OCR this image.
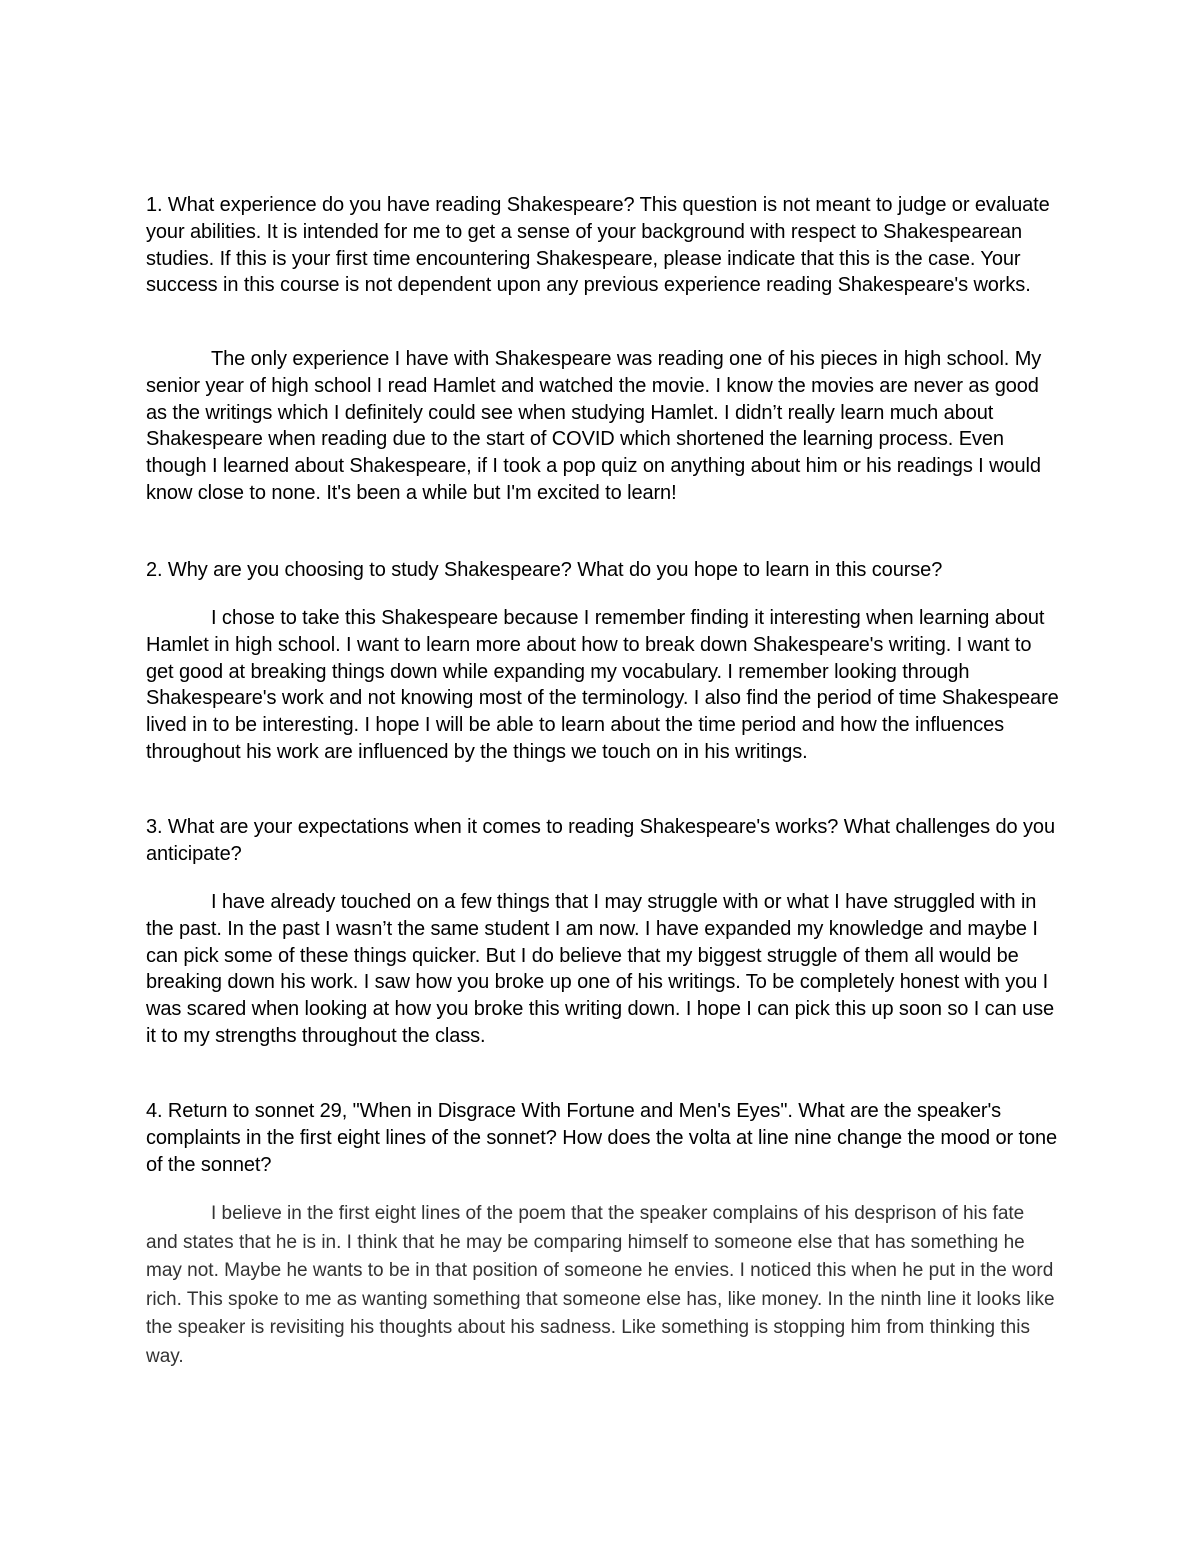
1. What experience do you have reading Shakespeare? This question is not meant to judge or evaluate your abilities. It is intended for me to get a sense of your background with respect to Shakespearean studies. If this is your first time encountering Shakespeare, please indicate that this is the case. Your success in this course is not dependent upon any previous experience reading Shakespeare's works.

The only experience I have with Shakespeare was reading one of his pieces in high school. My senior year of high school I read Hamlet and watched the movie. I know the movies are never as good as the writings which I definitely could see when studying Hamlet. I didn’t really learn much about Shakespeare when reading due to the start of COVID which shortened the learning process. Even though I learned about Shakespeare, if I took a pop quiz on anything about him or his readings I would know close to none. It's been a while but I'm excited to learn!

2. Why are you choosing to study Shakespeare? What do you hope to learn in this course?

I chose to take this Shakespeare because I remember finding it interesting when learning about Hamlet in high school. I want to learn more about how to break down Shakespeare's writing. I want to get good at breaking things down while expanding my vocabulary. I remember looking through Shakespeare's work and not knowing most of the terminology. I also find the period of time Shakespeare lived in to be interesting. I hope I will be able to learn about the time period and how the influences throughout his work are influenced by the things we touch on in his writings.

3. What are your expectations when it comes to reading Shakespeare's works? What challenges do you anticipate?

I have already touched on a few things that I may struggle with or what I have struggled with in the past. In the past I wasn’t the same student I am now. I have expanded my knowledge and maybe I can pick some of these things quicker. But I do believe that my biggest struggle of them all would be breaking down his work. I saw how you broke up one of his writings. To be completely honest with you I was scared when looking at how you broke this writing down. I hope I can pick this up soon so I can use it to my strengths throughout the class.

4. Return to sonnet 29, "When in Disgrace With Fortune and Men's Eyes". What are the speaker's complaints in the first eight lines of the sonnet? How does the volta at line nine change the mood or tone of the sonnet?

I believe in the first eight lines of the poem that the speaker complains of his desprison of his fate and states that he is in. I think that he may be comparing himself to someone else that has something he may not. Maybe he wants to be in that position of someone he envies. I noticed this when he put in the word rich. This spoke to me as wanting something that someone else has, like money. In the ninth line it looks like the speaker is revisiting his thoughts about his sadness. Like something is stopping him from thinking this way.
